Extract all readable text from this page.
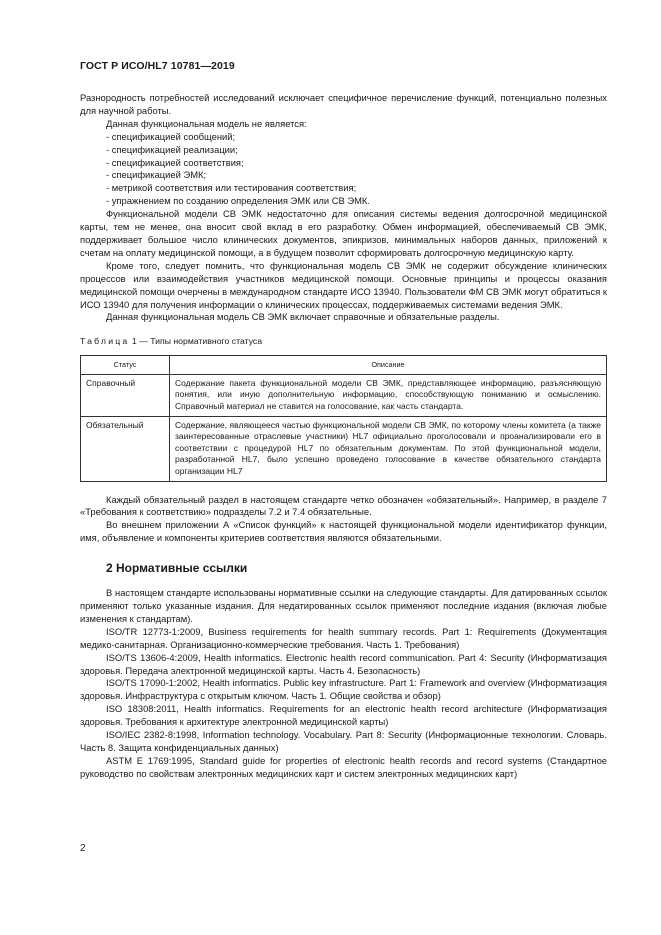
ГОСТ Р ИСО/HL7 10781—2019

Разнородность потребностей исследований исключает специфичное перечисление функций, потенциально полезных для научной работы.

Данная функциональная модель не является:

- спецификацией сообщений;
- спецификацией реализации;
- спецификацией соответствия;
- спецификацией ЭМК;
- метрикой соответствия или тестирования соответствия;
- упражнением по созданию определения ЭМК или СВ ЭМК.

Функциональной модели СВ ЭМК недостаточно для описания системы ведения долгосрочной медицинской карты, тем не менее, она вносит свой вклад в его разработку. Обмен информацией, обеспечиваемый СВ ЭМК, поддерживает большое число клинических документов, эпикризов, минимальных наборов данных, приложений к счетам на оплату медицинской помощи, а в будущем позволит сформировать долгосрочную медицинскую карту.

Кроме того, следует помнить, что функциональная модель СВ ЭМК не содержит обсуждение клинических процессов или взаимодействия участников медицинской помощи. Основные принципы и процессы оказания медицинской помощи очерчены в международном стандарте ИСО 13940. Пользователи ФМ СВ ЭМК могут обратиться к ИСО 13940 для получения информации о клинических процессах, поддерживаемых системами ведения ЭМК.

Данная функциональная модель СВ ЭМК включает справочные и обязательные разделы.

Таблица 1 — Типы нормативного статуса
Статус	Описание
Справочный	Содержание пакета функциональной модели СВ ЭМК, представляющее информацию, разъясняющую понятия, или иную дополнительную информацию, способствующую пониманию и осмыслению. Справочный материал не ставится на голосование, как часть стандарта.
Обязательный	Содержание, являющееся частью функциональной модели СВ ЭМК, по которому члены комитета (а также заинтересованные отраслевые участники) HL7 официально проголосовали и проанализировали его в соответствии с процедурой HL7 по обязательным документам. По этой функциональной модели, разработанной HL7, было успешно проведено голосование в качестве обязательного стандарта организации HL7

Каждый обязательный раздел в настоящем стандарте четко обозначен «обязательный». Например, в разделе 7 «Требования к соответствию» подразделы 7.2 и 7.4 обязательные.

Во внешнем приложении А «Список функций» к настоящей функциональной модели идентификатор функции, имя, объявление и компоненты критериев соответствия являются обязательными.

2 Нормативные ссылки

В настоящем стандарте использованы нормативные ссылки на следующие стандарты. Для датированных ссылок применяют только указанные издания. Для недатированных ссылок применяют последние издания (включая любые изменения к стандартам).

ISO/TR 12773-1:2009, Business requirements for health summary records. Part 1: Requirements (Документация медико-санитарная. Организационно-коммерческие требования. Часть 1. Требования)

ISO/TS 13606-4:2009, Health informatics. Electronic health record communication. Part 4: Security (Информатизация здоровья. Передача электронной медицинской карты. Часть 4. Безопасность)

ISO/TS 17090-1:2002, Health informatics. Public key infrastructure. Part 1: Framework and overview (Информатизация здоровья. Инфраструктура с открытым ключом. Часть 1. Общие свойства и обзор)

ISO 18308:2011, Health informatics. Requirements for an electronic health record architecture (Информатизация здоровья. Требования к архитектуре электронной медицинской карты)

ISO/IEC 2382-8:1998, Information technology. Vocabulary. Part 8: Security (Информационные технологии. Словарь. Часть 8. Защита конфиденциальных данных)

ASTM E 1769:1995, Standard guide for properties of electronic health records and record systems (Стандартное руководство по свойствам электронных медицинских карт и систем электронных медицинских карт)

2
